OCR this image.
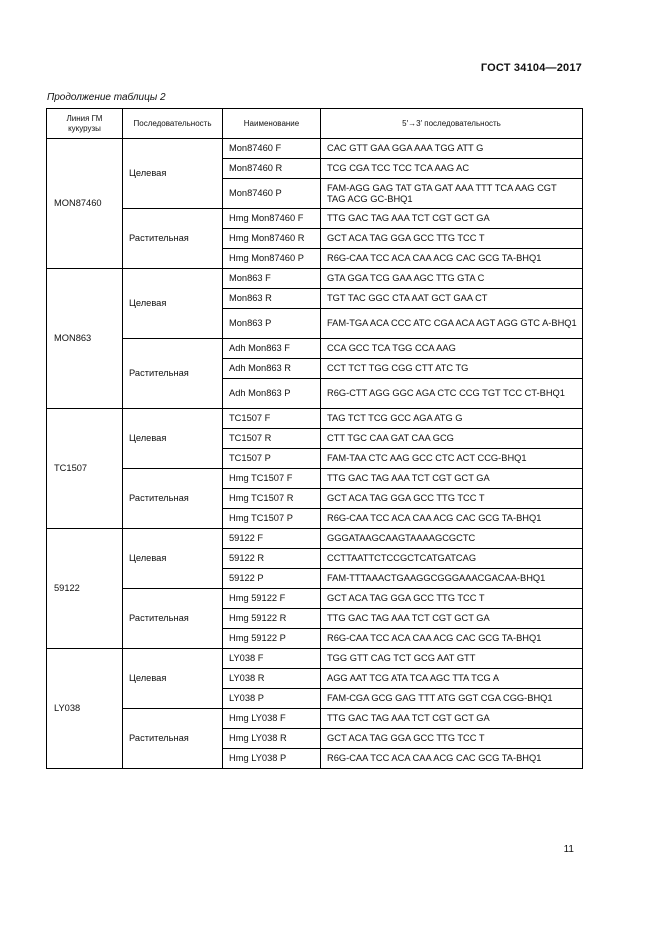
ГОСТ 34104—2017
Продолжение таблицы 2
Линия ГМ кукурузы	Последовательность	Наименование	5′→3′ последовательность
MON87460	Целевая	Mon87460 F	CAC GTT GAA GGA AAA TGG ATT G
		Mon87460 R	TCG CGA TCC TCC TCA AAG AC
		Mon87460 P	FAM-AGG GAG TAT GTA GAT AAA TTT TCA AAG CGT TAG ACG GC-BHQ1
	Растительная	Hmg Mon87460 F	TTG GAC TAG AAA TCT CGT GCT GA
		Hmg Mon87460 R	GCT ACA TAG GGA GCC TTG TCC T
		Hmg Mon87460 P	R6G-CAA TCC ACA CAA ACG CAC GCG TA-BHQ1
MON863	Целевая	Mon863 F	GTA GGA TCG GAA AGC TTG GTA C
		Mon863 R	TGT TAC GGC CTA AAT GCT GAA CT
		Mon863 P	FAM-TGA ACA CCC ATC CGA ACA AGT AGG GTC A-BHQ1
	Растительная	Adh Mon863 F	CCA GCC TCA TGG CCA AAG
		Adh Mon863 R	CCT TCT TGG CGG CTT ATC TG
		Adh Mon863 P	R6G-CTT AGG GGC AGA CTC CCG TGT TCC CT-BHQ1
TC1507	Целевая	TC1507 F	TAG TCT TCG GCC AGA ATG G
		TC1507 R	CTT TGC CAA GAT CAA GCG
		TC1507 P	FAM-TAA CTC AAG GCC CTC ACT CCG-BHQ1
	Растительная	Hmg TC1507 F	TTG GAC TAG AAA TCT CGT GCT GA
		Hmg TC1507 R	GCT ACA TAG GGA GCC TTG TCC T
		Hmg TC1507 P	R6G-CAA TCC ACA CAA ACG CAC GCG TA-BHQ1
59122	Целевая	59122 F	GGGATAAGCAAGTAAAAGCGCTC
		59122 R	CCTTAATTCTCCGCTCATGATCAG
		59122 P	FAM-TTTAAACTGAAGGCGGGAAACGACAA-BHQ1
	Растительная	Hmg 59122 F	GCT ACA TAG GGA GCC TTG TCC T
		Hmg 59122 R	TTG GAC TAG AAA TCT CGT GCT GA
		Hmg 59122 P	R6G-CAA TCC ACA CAA ACG CAC GCG TA-BHQ1
LY038	Целевая	LY038 F	TGG GTT CAG TCT GCG AAT GTT
		LY038 R	AGG AAT TCG ATA TCA AGC TTA TCG A
		LY038 P	FAM-CGA GCG GAG TTT ATG GGT CGA CGG-BHQ1
	Растительная	Hmg LY038 F	TTG GAC TAG AAA TCT CGT GCT GA
		Hmg LY038 R	GCT ACA TAG GGA GCC TTG TCC T
		Hmg LY038 P	R6G-CAA TCC ACA CAA ACG CAC GCG TA-BHQ1
11
